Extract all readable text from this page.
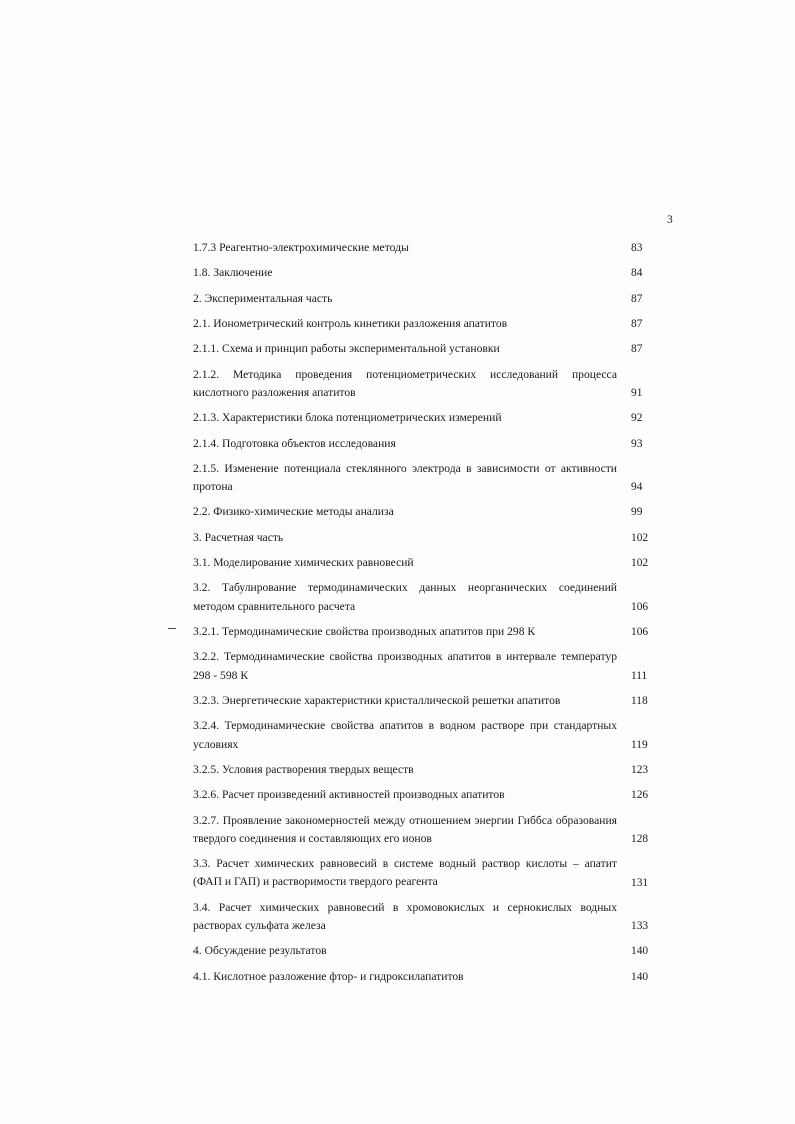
3
1.7.3 Реагентно-электрохимические методы	83
1.8. Заключение	84
2. Экспериментальная часть	87
2.1. Ионометрический контроль кинетики разложения апатитов	87
2.1.1. Схема и принцип работы экспериментальной установки	87
2.1.2. Методика проведения потенциометрических исследований процесса кислотного разложения апатитов	91
2.1.3. Характеристики блока потенциометрических измерений	92
2.1.4. Подготовка объектов исследования	93
2.1.5. Изменение потенциала стеклянного электрода в зависимости от активности протона	94
2.2. Физико-химические методы анализа	99
3. Расчетная часть	102
3.1. Моделирование химических равновесий	102
3.2. Табулирование термодинамических данных неорганических соединений методом сравнительного расчета	106
3.2.1. Термодинамические свойства производных апатитов при 298 К	106
3.2.2. Термодинамические свойства производных апатитов в интервале температур 298 - 598 К	111
3.2.3. Энергетические характеристики кристаллической решетки апатитов	118
3.2.4. Термодинамические свойства апатитов в водном растворе при стандартных условиях	119
3.2.5. Условия растворения твердых веществ	123
3.2.6. Расчет произведений активностей производных апатитов	126
3.2.7. Проявление закономерностей между отношением энергии Гиббса образования твердого соединения и составляющих его ионов	128
3.3. Расчет химических равновесий в системе водный раствор кислоты – апатит (ФАП и ГАП) и растворимости твердого реагента	131
3.4. Расчет химических равновесий в хромовокислых и сернокислых водных растворах сульфата железа	133
4. Обсуждение результатов	140
4.1. Кислотное разложение фтор- и гидроксилапатитов	140
